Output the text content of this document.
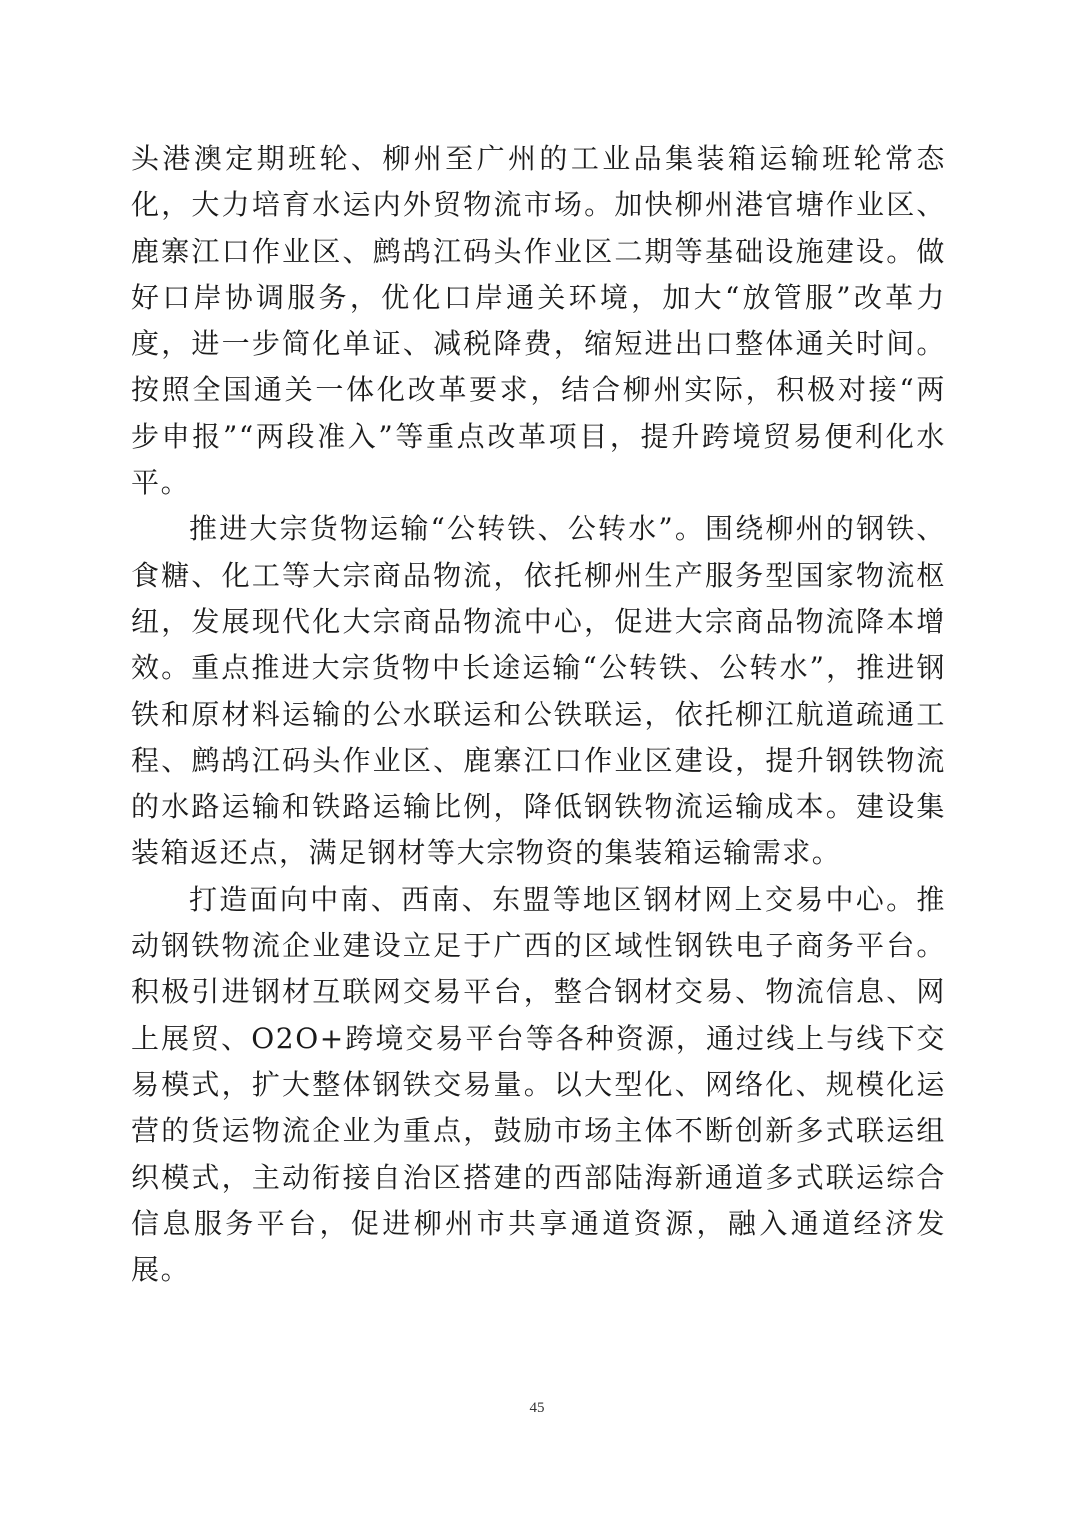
头港澳定期班轮、柳州至广州的工业品集装箱运输班轮常态化，大力培育水运内外贸物流市场。加快柳州港官塘作业区、鹿寨江口作业区、鹧鸪江码头作业区二期等基础设施建设。做好口岸协调服务，优化口岸通关环境，加大“放管服”改革力度，进一步简化单证、减税降费，缩短进出口整体通关时间。按照全国通关一体化改革要求，结合柳州实际，积极对接“两步申报”“两段准入”等重点改革项目，提升跨境贸易便利化水平。

推进大宗货物运输“公转铁、公转水”。围绕柳州的钢铁、食糖、化工等大宗商品物流，依托柳州生产服务型国家物流枢纽，发展现代化大宗商品物流中心，促进大宗商品物流降本增效。重点推进大宗货物中长途运输“公转铁、公转水”，推进钢铁和原材料运输的公水联运和公铁联运，依托柳江航道疏通工程、鹧鸪江码头作业区、鹿寨江口作业区建设，提升钢铁物流的水路运输和铁路运输比例，降低钢铁物流运输成本。建设集装箱返还点，满足钢材等大宗物资的集装箱运输需求。

打造面向中南、西南、东盟等地区钢材网上交易中心。推动钢铁物流企业建设立足于广西的区域性钢铁电子商务平台。积极引进钢材互联网交易平台，整合钢材交易、物流信息、网上展贸、O2O+跨境交易平台等各种资源，通过线上与线下交易模式，扩大整体钢铁交易量。以大型化、网络化、规模化运营的货运物流企业为重点，鼓励市场主体不断创新多式联运组织模式，主动衔接自治区搭建的西部陆海新通道多式联运综合信息服务平台，促进柳州市共享通道资源，融入通道经济发展。

45
